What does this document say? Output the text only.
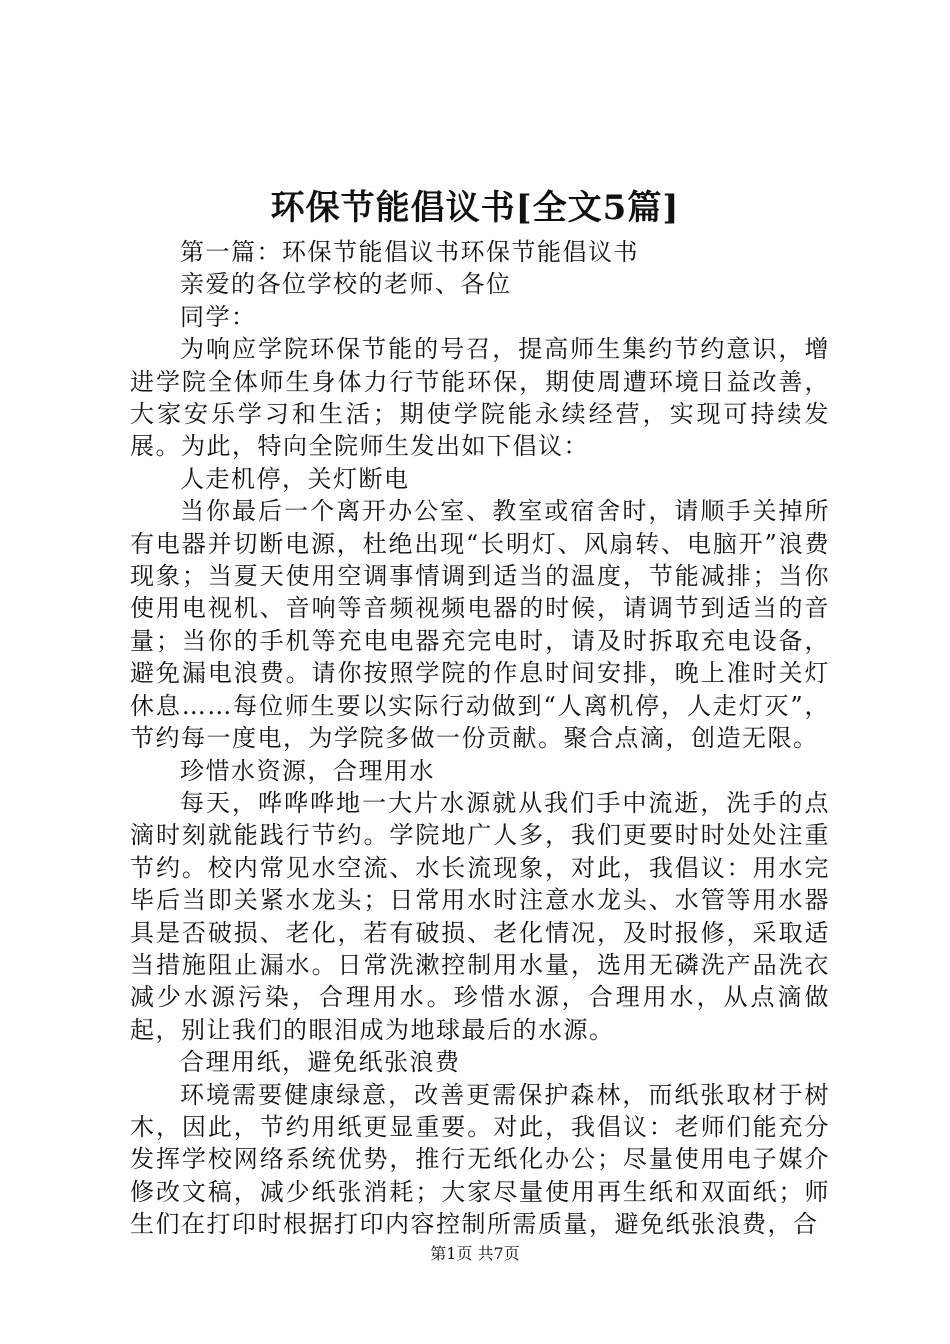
环保节能倡议书[全文5篇]

第一篇：环保节能倡议书环保节能倡议书

亲爱的各位学校的老师、各位

同学：

为响应学院环保节能的号召，提高师生集约节约意识，增进学院全体师生身体力行节能环保，期使周遭环境日益改善，大家安乐学习和生活；期使学院能永续经营，实现可持续发展。为此，特向全院师生发出如下倡议：

人走机停，关灯断电

当你最后一个离开办公室、教室或宿舍时，请顺手关掉所有电器并切断电源，杜绝出现“长明灯、风扇转、电脑开”浪费现象；当夏天使用空调事情调到适当的温度，节能减排；当你使用电视机、音响等音频视频电器的时候，请调节到适当的音量；当你的手机等充电电器充完电时，请及时拆取充电设备，避免漏电浪费。请你按照学院的作息时间安排，晚上准时关灯休息……每位师生要以实际行动做到“人离机停，人走灯灭”，节约每一度电，为学院多做一份贡献。聚合点滴，创造无限。

珍惜水资源，合理用水

每天，哗哗哗地一大片水源就从我们手中流逝，洗手的点滴时刻就能践行节约。学院地广人多，我们更要时时处处注重节约。校内常见水空流、水长流现象，对此，我倡议：用水完毕后当即关紧水龙头；日常用水时注意水龙头、水管等用水器具是否破损、老化，若有破损、老化情况，及时报修，采取适当措施阻止漏水。日常洗漱控制用水量，选用无磷洗产品洗衣减少水源污染，合理用水。珍惜水源，合理用水，从点滴做起，别让我们的眼泪成为地球最后的水源。

合理用纸，避免纸张浪费

环境需要健康绿意，改善更需保护森林，而纸张取材于树木，因此，节约用纸更显重要。对此，我倡议：老师们能充分发挥学校网络系统优势，推行无纸化办公；尽量使用电子媒介修改文稿，减少纸张消耗；大家尽量使用再生纸和双面纸；师生们在打印时根据打印内容控制所需质量，避免纸张浪费，合

第1页 共7页
